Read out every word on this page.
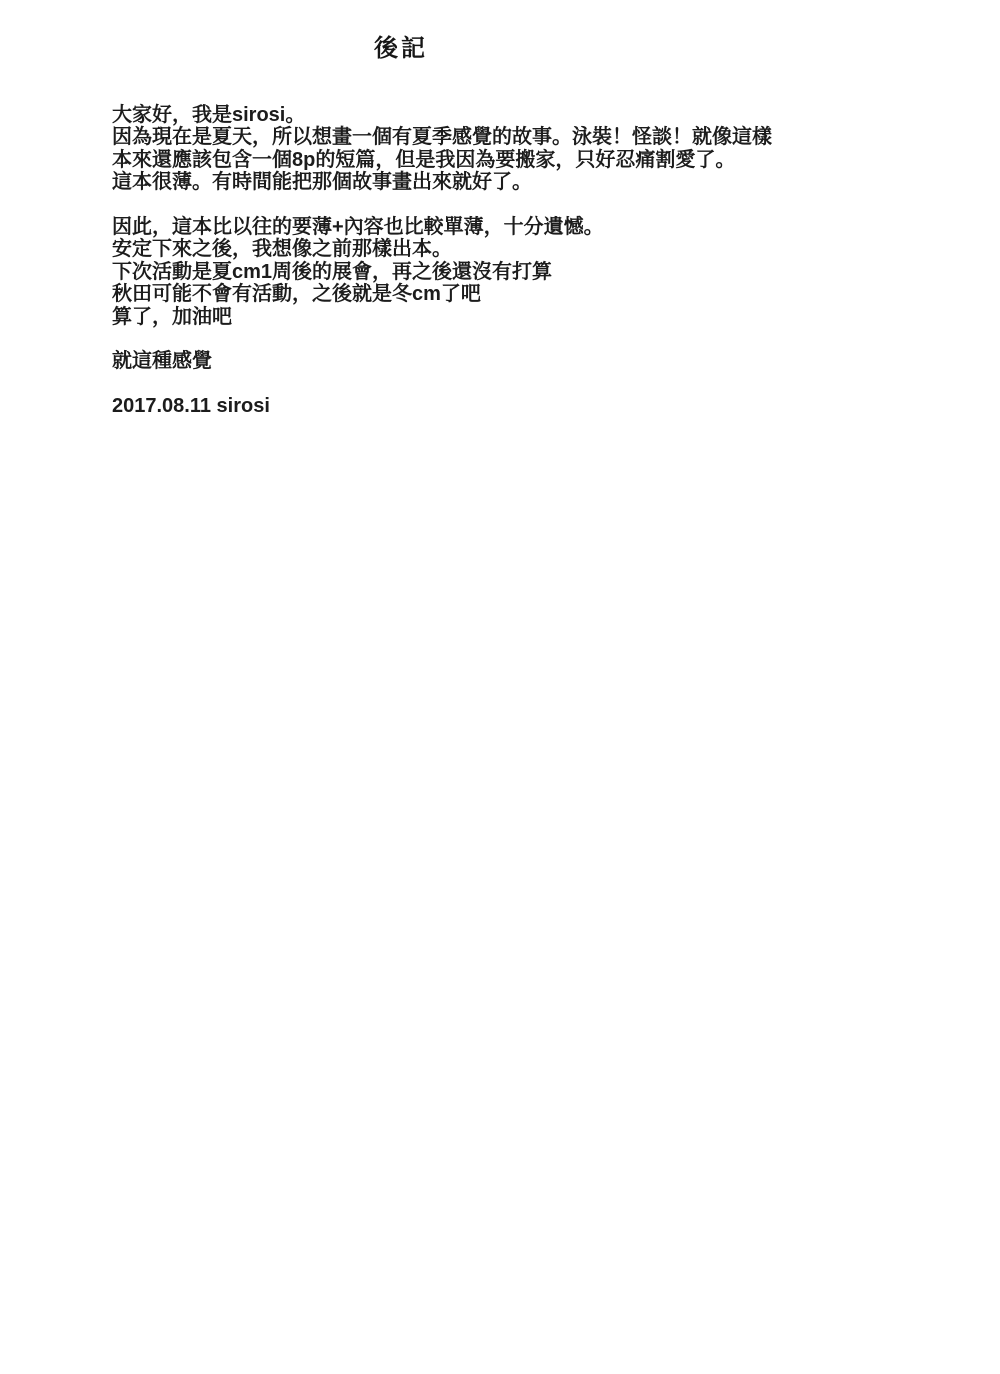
後記
大家好，我是sirosi。
因為現在是夏天，所以想畫一個有夏季感覺的故事。泳裝！怪談！就像這樣
本來還應該包含一個8p的短篇，但是我因為要搬家，只好忍痛割愛了。
這本很薄。有時間能把那個故事畫出來就好了。
因此，這本比以往的要薄+內容也比較單薄，十分遺憾。
安定下來之後，我想像之前那樣出本。
下次活動是夏cm1周後的展會，再之後還沒有打算
秋田可能不會有活動，之後就是冬cm了吧
算了，加油吧
就這種感覺
2017.08.11 sirosi
